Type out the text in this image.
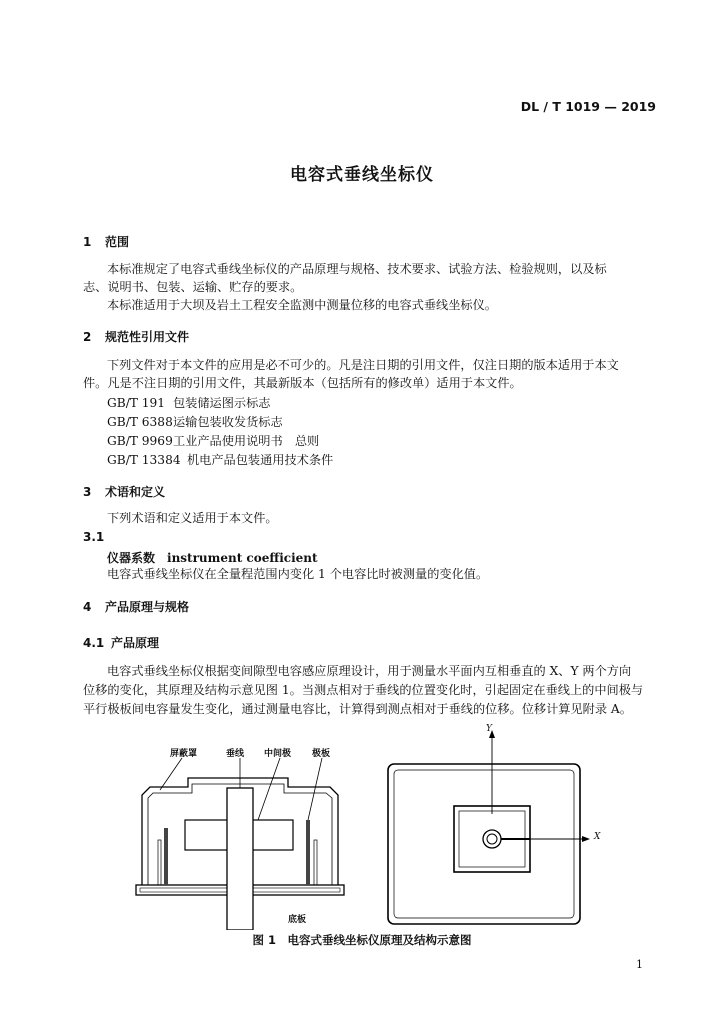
DL / T 1019 — 2019
电容式垂线坐标仪
1 范围
本标准规定了电容式垂线坐标仪的产品原理与规格、技术要求、试验方法、检验规则，以及标
志、说明书、包装、运输、贮存的要求。
本标准适用于大坝及岩土工程安全监测中测量位移的电容式垂线坐标仪。
2 规范性引用文件
下列文件对于本文件的应用是必不可少的。凡是注日期的引用文件，仅注日期的版本适用于本文
件。凡是不注日期的引用文件，其最新版本（包括所有的修改单）适用于本文件。
GB/T 191 包装储运图示标志
GB/T 6388运输包装收发货标志
GB/T 9969工业产品使用说明书　总则
GB/T 13384 机电产品包装通用技术条件
3 术语和定义
下列术语和定义适用于本文件。
3.1
仪器系数 instrument coefficient
电容式垂线坐标仪在全量程范围内变化 1 个电容比时被测量的变化值。
4 产品原理与规格
4.1 产品原理
电容式垂线坐标仪根据变间隙型电容感应原理设计，用于测量水平面内互相垂直的 X、Y 两个方向
位移的变化，其原理及结构示意见图 1。当测点相对于垂线的位置变化时，引起固定在垂线上的中间极与
平行极板间电容量发生变化，通过测量电容比，计算得到测点相对于垂线的位移。位移计算见附录 A。
屏蔽罩	垂线 中间极 极板
底板
Y
X
图 1　电容式垂线坐标仪原理及结构示意图
1
